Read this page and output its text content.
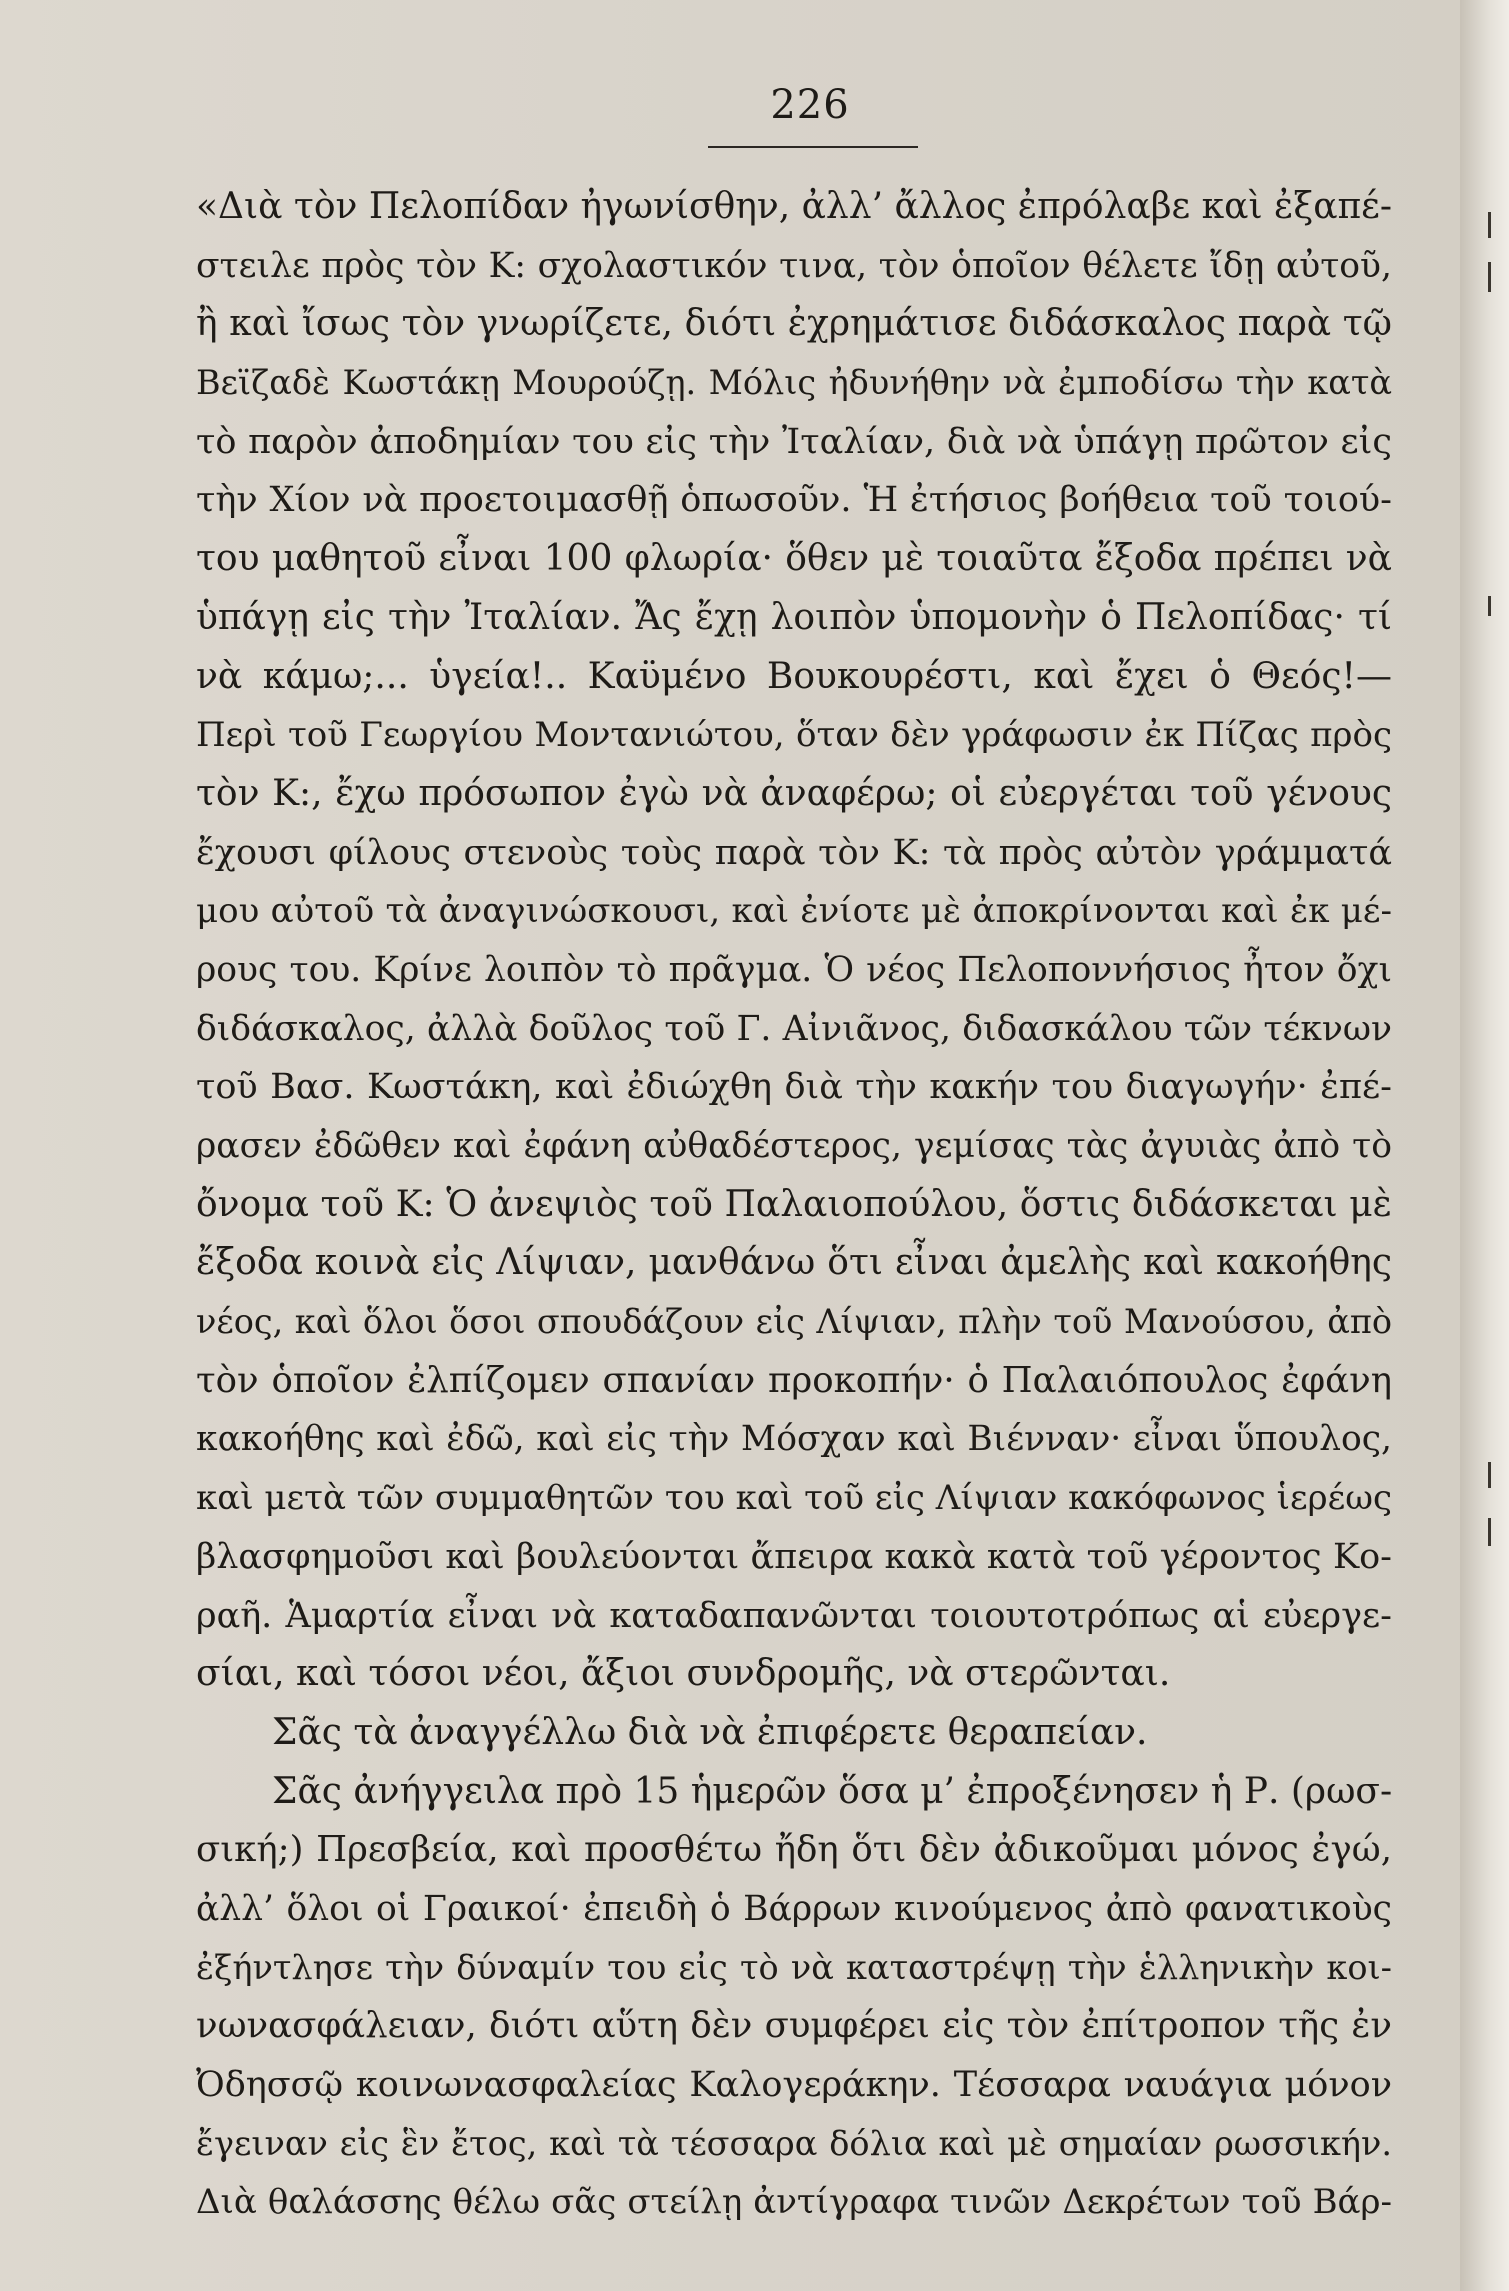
226
«Διὰ τὸν Πελοπίδαν ἠγωνίσθην, ἀλλ’ ἄλλος ἐπρόλαβε καὶ ἐξαπέ-
στειλε πρὸς τὸν Κ: σχολαστικόν τινα, τὸν ὁποῖον θέλετε ἴδῃ αὐτοῦ,
ἢ καὶ ἴσως τὸν γνωρίζετε, διότι ἐχρημάτισε διδάσκαλος παρὰ τῷ
Βεϊζαδὲ Κωστάκῃ Μουρούζῃ. Μόλις ἠδυνήθην νὰ ἐμποδίσω τὴν κατὰ
τὸ παρὸν ἀποδημίαν του εἰς τὴν Ἰταλίαν, διὰ νὰ ὑπάγῃ πρῶτον εἰς
τὴν Χίον νὰ προετοιμασθῇ ὁπωσοῦν. Ἡ ἐτήσιος βοήθεια τοῦ τοιού-
του μαθητοῦ εἶναι 100 φλωρία· ὅθεν μὲ τοιαῦτα ἔξοδα πρέπει νὰ
ὑπάγῃ εἰς τὴν Ἰταλίαν. Ἄς ἔχῃ λοιπὸν ὑπομονὴν ὁ Πελοπίδας· τί
νὰ κάμω;... ὑγεία!.. Καϋμένο Βουκουρέστι, καὶ ἔχει ὁ Θεός!—
Περὶ τοῦ Γεωργίου Μοντανιώτου, ὅταν δὲν γράφωσιν ἐκ Πίζας πρὸς
τὸν Κ:, ἔχω πρόσωπον ἐγὼ νὰ ἀναφέρω; οἱ εὐεργέται τοῦ γένους
ἔχουσι φίλους στενοὺς τοὺς παρὰ τὸν Κ: τὰ πρὸς αὐτὸν γράμματά
μου αὐτοῦ τὰ ἀναγινώσκουσι, καὶ ἐνίοτε μὲ ἀποκρίνονται καὶ ἐκ μέ-
ρους του. Κρίνε λοιπὸν τὸ πρᾶγμα. Ὁ νέος Πελοποννήσιος ἦτον ὄχι
διδάσκαλος, ἀλλὰ δοῦλος τοῦ Γ. Αἰνιᾶνος, διδασκάλου τῶν τέκνων
τοῦ Βασ. Κωστάκη, καὶ ἐδιώχθη διὰ τὴν κακήν του διαγωγήν· ἐπέ-
ρασεν ἐδῶθεν καὶ ἐφάνη αὐθαδέστερος, γεμίσας τὰς ἀγυιὰς ἀπὸ τὸ
ὄνομα τοῦ Κ: Ὁ ἀνεψιὸς τοῦ Παλαιοπούλου, ὅστις διδάσκεται μὲ
ἔξοδα κοινὰ εἰς Λίψιαν, μανθάνω ὅτι εἶναι ἀμελὴς καὶ κακοήθης
νέος, καὶ ὅλοι ὅσοι σπουδάζουν εἰς Λίψιαν, πλὴν τοῦ Μανούσου, ἀπὸ
τὸν ὁποῖον ἐλπίζομεν σπανίαν προκοπήν· ὁ Παλαιόπουλος ἐφάνη
κακοήθης καὶ ἐδῶ, καὶ εἰς τὴν Μόσχαν καὶ Βιένναν· εἶναι ὕπουλος,
καὶ μετὰ τῶν συμμαθητῶν του καὶ τοῦ εἰς Λίψιαν κακόφωνος ἱερέως
βλασφημοῦσι καὶ βουλεύονται ἄπειρα κακὰ κατὰ τοῦ γέροντος Κο-
ραῆ. Ἁμαρτία εἶναι νὰ καταδαπανῶνται τοιουτοτρόπως αἱ εὐεργε-
σίαι, καὶ τόσοι νέοι, ἄξιοι συνδρομῆς, νὰ στερῶνται.
Σᾶς τὰ ἀναγγέλλω διὰ νὰ ἐπιφέρετε θεραπείαν.
Σᾶς ἀνήγγειλα πρὸ 15 ἡμερῶν ὅσα μ’ ἐπροξένησεν ἡ Ρ. (ρωσ-
σική;) Πρεσβεία, καὶ προσθέτω ἤδη ὅτι δὲν ἀδικοῦμαι μόνος ἐγώ,
ἀλλ’ ὅλοι οἱ Γραικοί· ἐπειδὴ ὁ Βάρρων κινούμενος ἀπὸ φανατικοὺς
ἐξήντλησε τὴν δύναμίν του εἰς τὸ νὰ καταστρέψῃ τὴν ἑλληνικὴν κοι-
νωνασφάλειαν, διότι αὕτη δὲν συμφέρει εἰς τὸν ἐπίτροπον τῆς ἐν
Ὀδησσῷ κοινωνασφαλείας Καλογεράκην. Τέσσαρα ναυάγια μόνον
ἔγειναν εἰς ἓν ἔτος, καὶ τὰ τέσσαρα δόλια καὶ μὲ σημαίαν ρωσσικήν.
Διὰ θαλάσσης θέλω σᾶς στείλῃ ἀντίγραφα τινῶν Δεκρέτων τοῦ Βάρ-
